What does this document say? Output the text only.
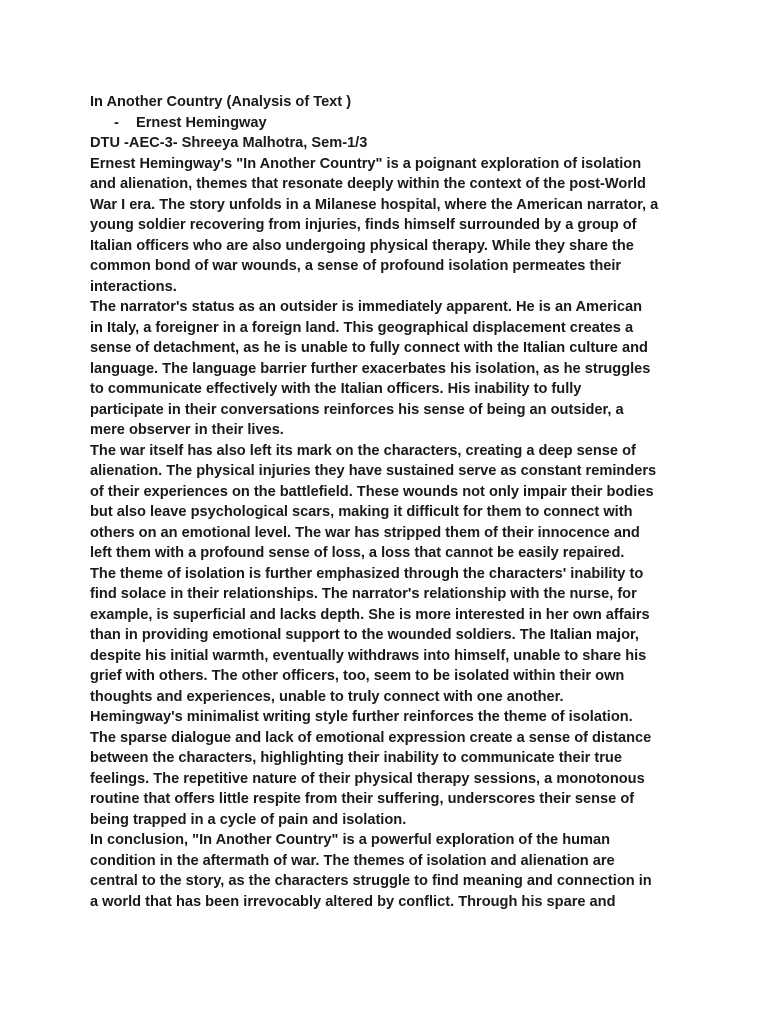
In Another Country (Analysis of Text )
- Ernest Hemingway
DTU -AEC-3- Shreeya Malhotra, Sem-1/3
Ernest Hemingway's "In Another Country" is a poignant exploration of isolation
and alienation, themes that resonate deeply within the context of the post-World
War I era. The story unfolds in a Milanese hospital, where the American narrator, a
young soldier recovering from injuries, finds himself surrounded by a group of
Italian officers who are also undergoing physical therapy. While they share the
common bond of war wounds, a sense of profound isolation permeates their
interactions.
The narrator's status as an outsider is immediately apparent. He is an American
in Italy, a foreigner in a foreign land. This geographical displacement creates a
sense of detachment, as he is unable to fully connect with the Italian culture and
language. The language barrier further exacerbates his isolation, as he struggles
to communicate effectively with the Italian officers. His inability to fully
participate in their conversations reinforces his sense of being an outsider, a
mere observer in their lives.
The war itself has also left its mark on the characters, creating a deep sense of
alienation. The physical injuries they have sustained serve as constant reminders
of their experiences on the battlefield. These wounds not only impair their bodies
but also leave psychological scars, making it difficult for them to connect with
others on an emotional level. The war has stripped them of their innocence and
left them with a profound sense of loss, a loss that cannot be easily repaired.
The theme of isolation is further emphasized through the characters' inability to
find solace in their relationships. The narrator's relationship with the nurse, for
example, is superficial and lacks depth. She is more interested in her own affairs
than in providing emotional support to the wounded soldiers. The Italian major,
despite his initial warmth, eventually withdraws into himself, unable to share his
grief with others. The other officers, too, seem to be isolated within their own
thoughts and experiences, unable to truly connect with one another.
Hemingway's minimalist writing style further reinforces the theme of isolation.
The sparse dialogue and lack of emotional expression create a sense of distance
between the characters, highlighting their inability to communicate their true
feelings. The repetitive nature of their physical therapy sessions, a monotonous
routine that offers little respite from their suffering, underscores their sense of
being trapped in a cycle of pain and isolation.
In conclusion, "In Another Country" is a powerful exploration of the human
condition in the aftermath of war. The themes of isolation and alienation are
central to the story, as the characters struggle to find meaning and connection in
a world that has been irrevocably altered by conflict. Through his spare and
